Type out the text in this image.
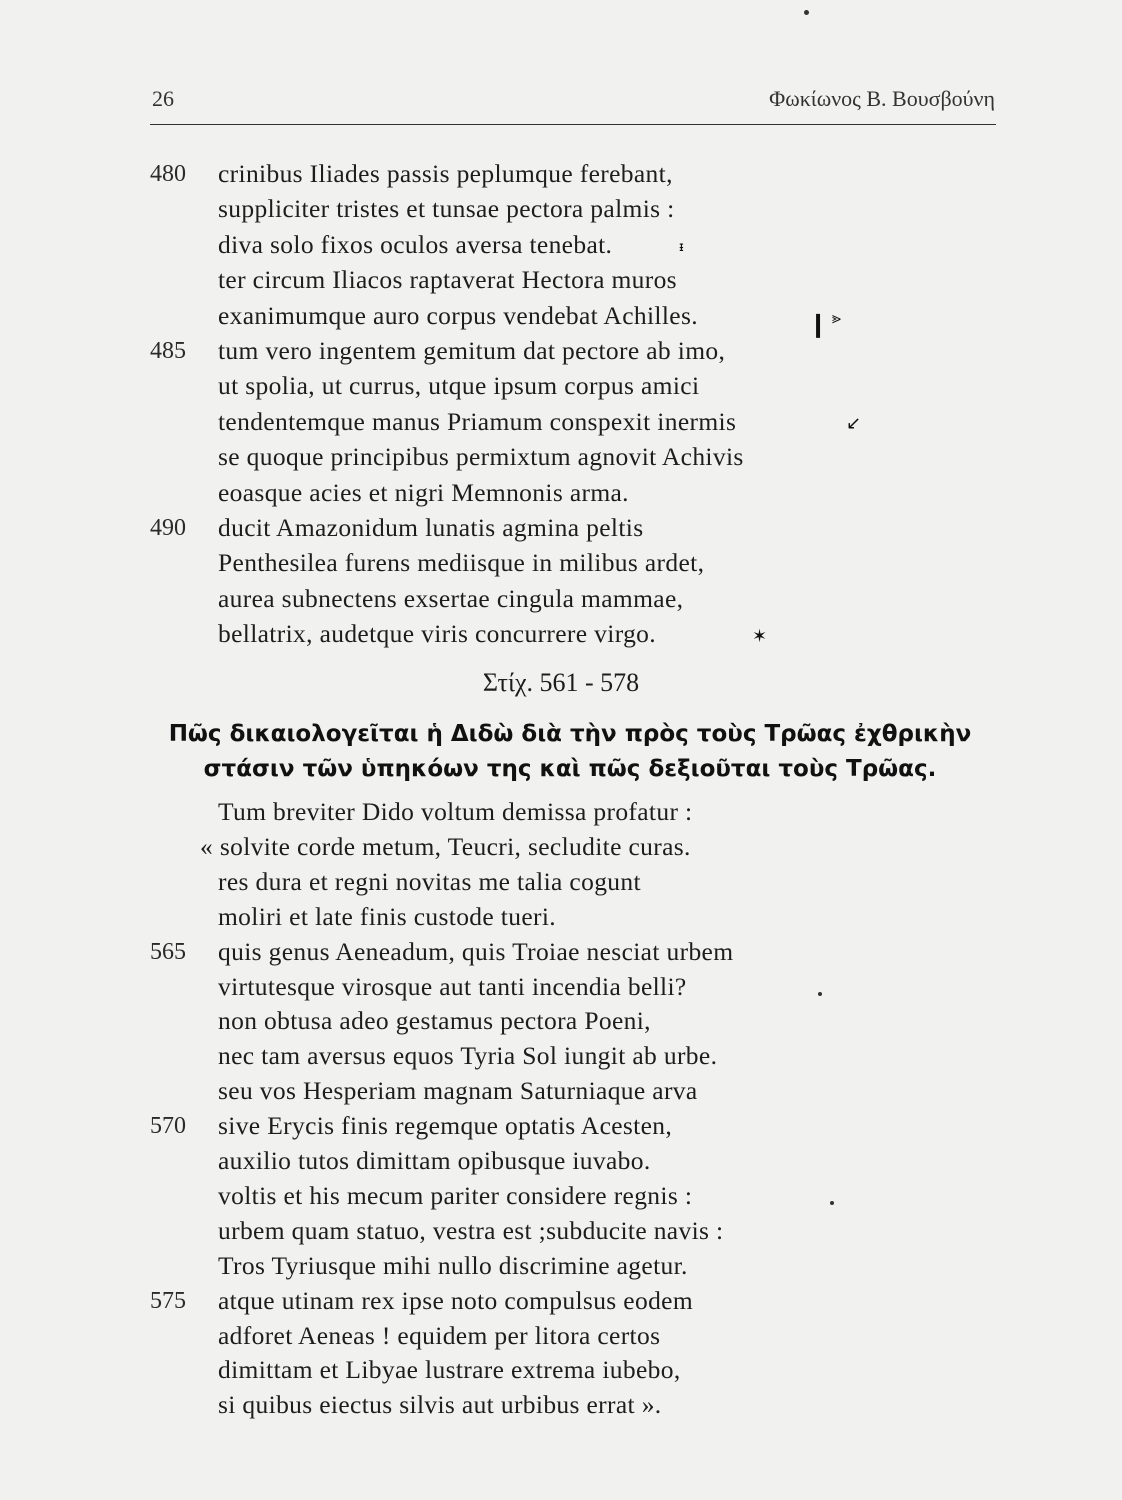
26	Φωκίωνος Β. Βουσβούνη
480	crinibus Iliades passis peplumque ferebant,
suppliciter tristes et tunsae pectora palmis :
diva solo fixos oculos aversa tenebat.
ter circum Iliacos raptaverat Hectora muros
exanimumque auro corpus vendebat Achilles.
485	tum vero ingentem gemitum dat pectore ab imo,
ut spolia, ut currus, utque ipsum corpus amici
tendentemque manus Priamum conspexit inermis
se quoque principibus permixtum agnovit Achivis
eoasque acies et nigri Memnonis arma.
490	ducit Amazonidum lunatis agmina peltis
Penthesilea furens mediisque in milibus ardet,
aurea subnectens exsertae cingula mammae,
bellatrix, audetque viris concurrere virgo.
Στίχ. 561 - 578
Πῶς δικαιολογεῖται ἡ Διδὼ διὰ τὴν πρὸς τοὺς Τρῶας ἐχθρικὴν
στάσιν τῶν ὑπηκόων της καὶ πῶς δεξιοῦται τοὺς Τρῶας.
Tum breviter Dido voltum demissa profatur :
« solvite corde metum, Teucri, secludite curas.
res dura et regni novitas me talia cogunt
moliri et late finis custode tueri.
565	quis genus Aeneadum, quis Troiae nesciat urbem
virtutesque virosque aut tanti incendia belli?
non obtusa adeo gestamus pectora Poeni,
nec tam aversus equos Tyria Sol iungit ab urbe.
seu vos Hesperiam magnam Saturniaque arva
570	sive Erycis finis regemque optatis Acesten,
auxilio tutos dimittam opibusque iuvabo.
voltis et his mecum pariter considere regnis :
urbem quam statuo, vestra est ;subducite navis :
Tros Tyriusque mihi nullo discrimine agetur.
575	atque utinam rex ipse noto compulsus eodem
adforet Aeneas ! equidem per litora certos
dimittam et Libyae lustrare extrema iubebo,
si quibus eiectus silvis aut urbibus errat ».
❙ ⪢
ᵻ
↙
✶
